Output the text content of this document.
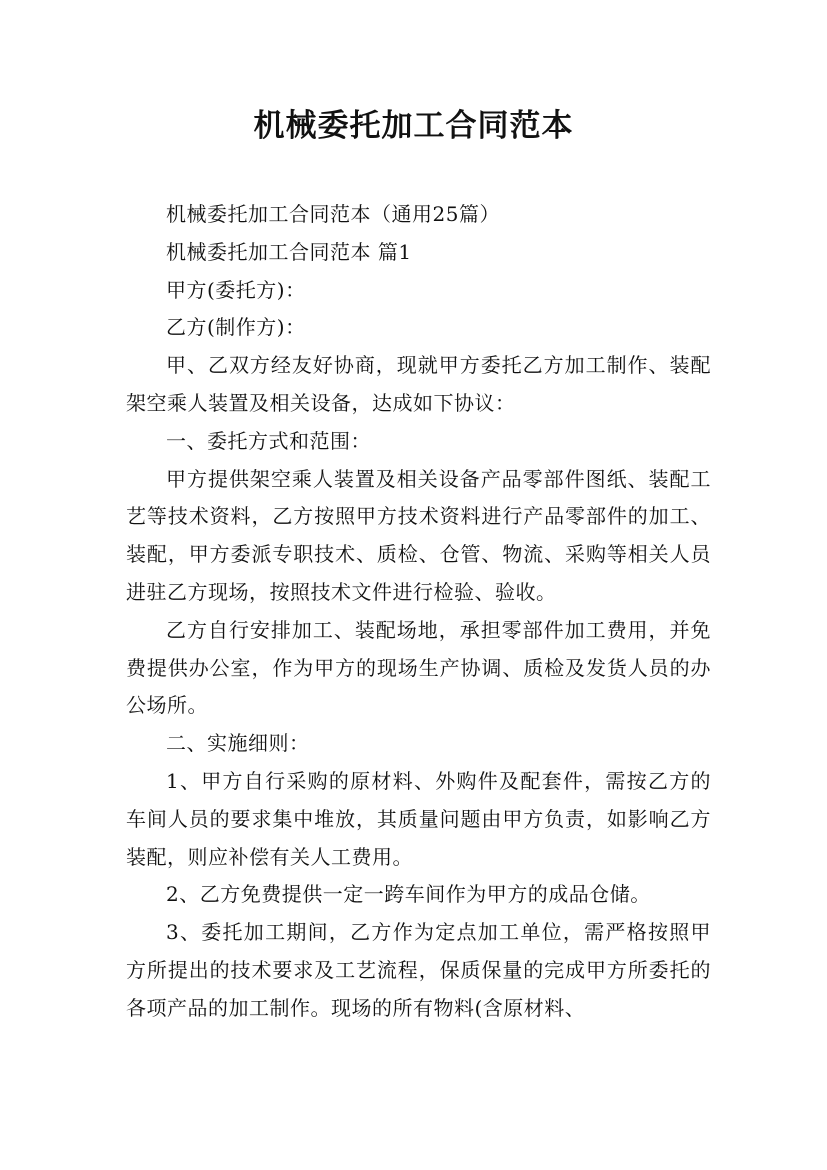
机械委托加工合同范本

机械委托加工合同范本（通用25篇）

机械委托加工合同范本 篇1

甲方(委托方)：

乙方(制作方)：

甲、乙双方经友好协商，现就甲方委托乙方加工制作、装配架空乘人装置及相关设备，达成如下协议：

一、委托方式和范围：

甲方提供架空乘人装置及相关设备产品零部件图纸、装配工艺等技术资料，乙方按照甲方技术资料进行产品零部件的加工、装配，甲方委派专职技术、质检、仓管、物流、采购等相关人员进驻乙方现场，按照技术文件进行检验、验收。

乙方自行安排加工、装配场地，承担零部件加工费用，并免费提供办公室，作为甲方的现场生产协调、质检及发货人员的办公场所。

二、实施细则：

1、甲方自行采购的原材料、外购件及配套件，需按乙方的车间人员的要求集中堆放，其质量问题由甲方负责，如影响乙方装配，则应补偿有关人工费用。

2、乙方免费提供一定一跨车间作为甲方的成品仓储。

3、委托加工期间，乙方作为定点加工单位，需严格按照甲方所提出的技术要求及工艺流程，保质保量的完成甲方所委托的各项产品的加工制作。现场的所有物料(含原材料、
